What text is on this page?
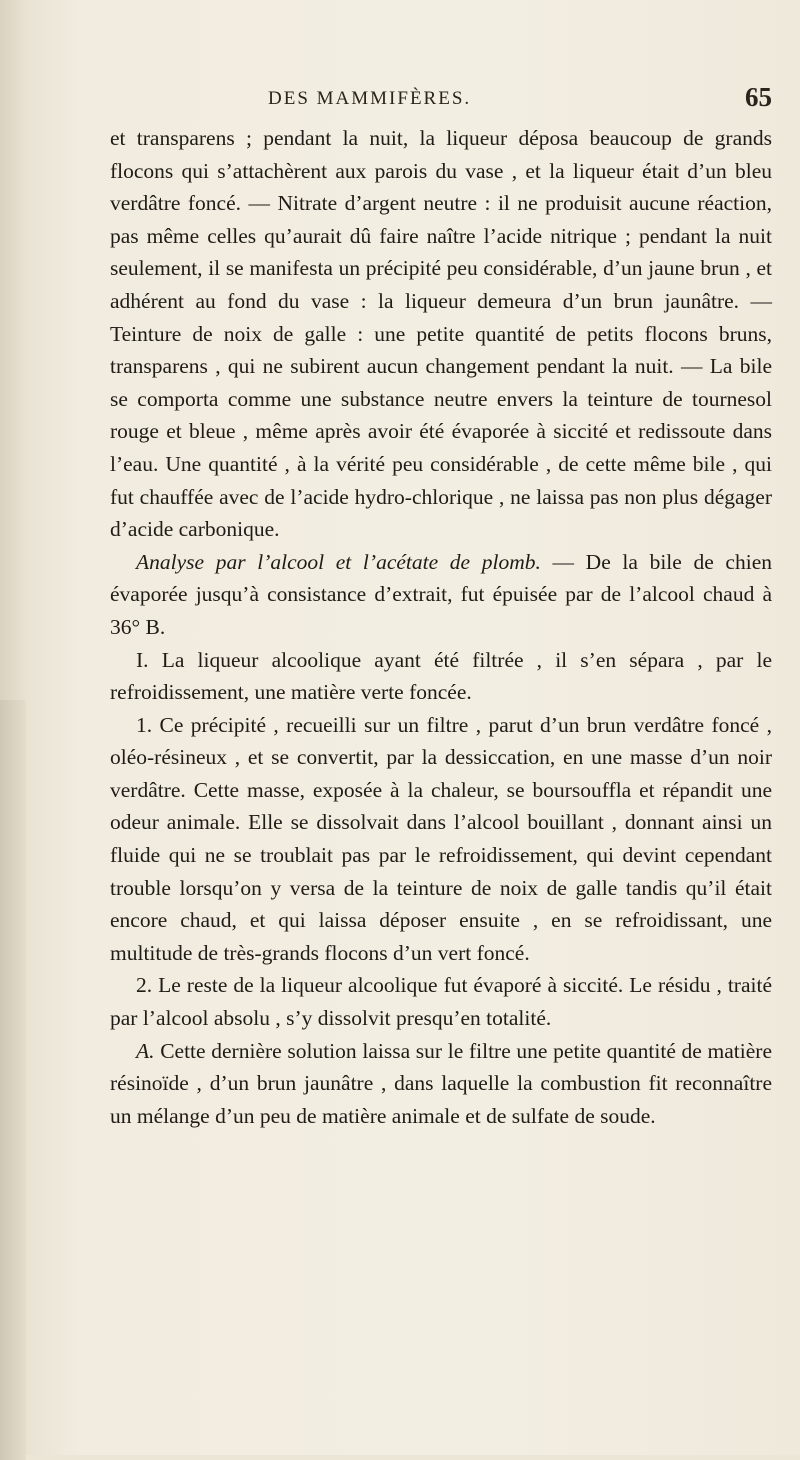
DES MAMMIFÈRES.	65

et transparens ; pendant la nuit, la liqueur déposa beaucoup de grands flocons qui s’attachèrent aux parois du vase , et la liqueur était d’un bleu verdâtre foncé. — Nitrate d’argent neutre : il ne produisit aucune réaction, pas même celles qu’aurait dû faire naître l’acide nitrique ; pendant la nuit seulement, il se manifesta un précipité peu considérable, d’un jaune brun , et adhérent au fond du vase : la liqueur demeura d’un brun jaunâtre. — Teinture de noix de galle : une petite quantité de petits flocons bruns, transparens , qui ne subirent aucun changement pendant la nuit. — La bile se comporta comme une substance neutre envers la teinture de tournesol rouge et bleue , même après avoir été évaporée à siccité et redissoute dans l’eau. Une quantité , à la vérité peu considérable , de cette même bile , qui fut chauffée avec de l’acide hydro-chlorique , ne laissa pas non plus dégager d’acide carbonique.

Analyse par l’alcool et l’acétate de plomb. — De la bile de chien évaporée jusqu’à consistance d’extrait, fut épuisée par de l’alcool chaud à 36° B.

I. La liqueur alcoolique ayant été filtrée , il s’en sépara , par le refroidissement, une matière verte foncée.

1. Ce précipité , recueilli sur un filtre , parut d’un brun verdâtre foncé , oléo-résineux , et se convertit, par la dessiccation, en une masse d’un noir verdâtre. Cette masse, exposée à la chaleur, se boursouffla et répandit une odeur animale. Elle se dissolvait dans l’alcool bouillant , donnant ainsi un fluide qui ne se troublait pas par le refroidissement, qui devint cependant trouble lorsqu’on y versa de la teinture de noix de galle tandis qu’il était encore chaud, et qui laissa déposer ensuite , en se refroidissant, une multitude de très-grands flocons d’un vert foncé.

2. Le reste de la liqueur alcoolique fut évaporé à siccité. Le résidu , traité par l’alcool absolu , s’y dissolvit presqu’en totalité.

A. Cette dernière solution laissa sur le filtre une petite quantité de matière résinoïde , d’un brun jaunâtre , dans laquelle la combustion fit reconnaître un mélange d’un peu de matière animale et de sulfate de soude.
